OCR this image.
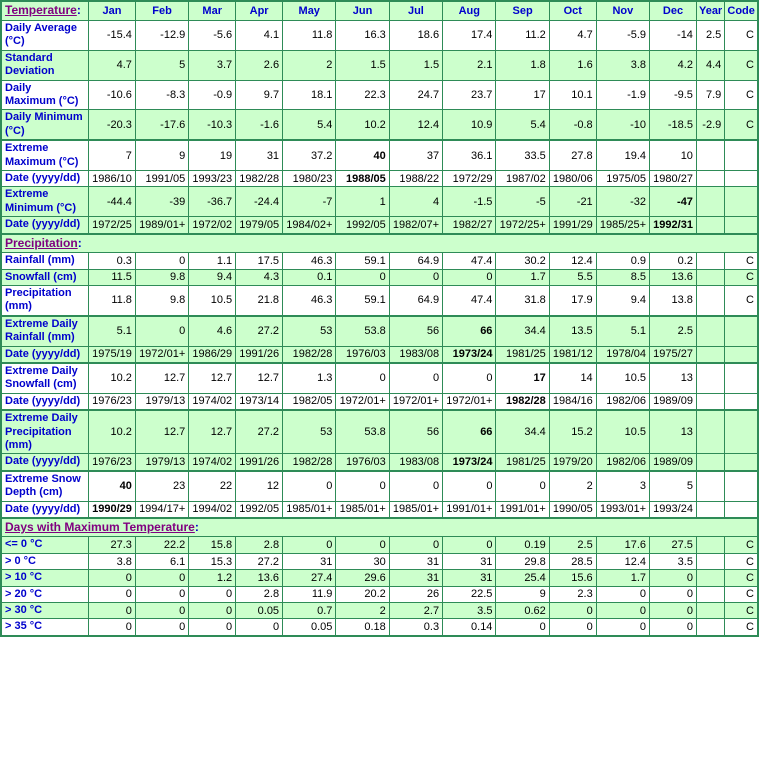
Temperature:	Jan	Feb	Mar	Apr	May	Jun	Jul	Aug	Sep	Oct	Nov	Dec	Year	Code
Daily Average (°C)	-15.4	-12.9	-5.6	4.1	11.8	16.3	18.6	17.4	11.2	4.7	-5.9	-14	2.5	C
Standard Deviation	4.7	5	3.7	2.6	2	1.5	1.5	2.1	1.8	1.6	3.8	4.2	4.4	C
Daily Maximum (°C)	-10.6	-8.3	-0.9	9.7	18.1	22.3	24.7	23.7	17	10.1	-1.9	-9.5	7.9	C
Daily Minimum (°C)	-20.3	-17.6	-10.3	-1.6	5.4	10.2	12.4	10.9	5.4	-0.8	-10	-18.5	-2.9	C
Extreme Maximum (°C)	7	9	19	31	37.2	40	37	36.1	33.5	27.8	19.4	10		
Date (yyyy/dd)	1986/10	1991/05	1993/23	1982/28	1980/23	1988/05	1988/22	1972/29	1987/02	1980/06	1975/05	1980/27		
Extreme Minimum (°C)	-44.4	-39	-36.7	-24.4	-7	1	4	-1.5	-5	-21	-32	-47		
Date (yyyy/dd)	1972/25	1989/01+	1972/02	1979/05	1984/02+	1992/05	1982/07+	1982/27	1972/25+	1991/29	1985/25+	1992/31		
Precipitation:														
Rainfall (mm)	0.3	0	1.1	17.5	46.3	59.1	64.9	47.4	30.2	12.4	0.9	0.2		C
Snowfall (cm)	11.5	9.8	9.4	4.3	0.1	0	0	0	1.7	5.5	8.5	13.6		C
Precipitation (mm)	11.8	9.8	10.5	21.8	46.3	59.1	64.9	47.4	31.8	17.9	9.4	13.8		C
Extreme Daily Rainfall (mm)	5.1	0	4.6	27.2	53	53.8	56	66	34.4	13.5	5.1	2.5		
Date (yyyy/dd)	1975/19	1972/01+	1986/29	1991/26	1982/28	1976/03	1983/08	1973/24	1981/25	1981/12	1978/04	1975/27		
Extreme Daily Snowfall (cm)	10.2	12.7	12.7	12.7	1.3	0	0	0	17	14	10.5	13		
Date (yyyy/dd)	1976/23	1979/13	1974/02	1973/14	1982/05	1972/01+	1972/01+	1972/01+	1982/28	1984/16	1982/06	1989/09		
Extreme Daily Precipitation (mm)	10.2	12.7	12.7	27.2	53	53.8	56	66	34.4	15.2	10.5	13		
Date (yyyy/dd)	1976/23	1979/13	1974/02	1991/26	1982/28	1976/03	1983/08	1973/24	1981/25	1979/20	1982/06	1989/09		
Extreme Snow Depth (cm)	40	23	22	12	0	0	0	0	0	2	3	5		
Date (yyyy/dd)	1990/29	1994/17+	1994/02	1992/05	1985/01+	1985/01+	1985/01+	1991/01+	1991/01+	1990/05	1993/01+	1993/24		
Days with Maximum Temperature:														
<= 0 °C	27.3	22.2	15.8	2.8	0	0	0	0	0.19	2.5	17.6	27.5		C
> 0 °C	3.8	6.1	15.3	27.2	31	30	31	31	29.8	28.5	12.4	3.5		C
> 10 °C	0	0	1.2	13.6	27.4	29.6	31	31	25.4	15.6	1.7	0		C
> 20 °C	0	0	0	2.8	11.9	20.2	26	22.5	9	2.3	0	0		C
> 30 °C	0	0	0	0.05	0.7	2	2.7	3.5	0.62	0	0	0		C
> 35 °C	0	0	0	0	0.05	0.18	0.3	0.14	0	0	0	0		C
